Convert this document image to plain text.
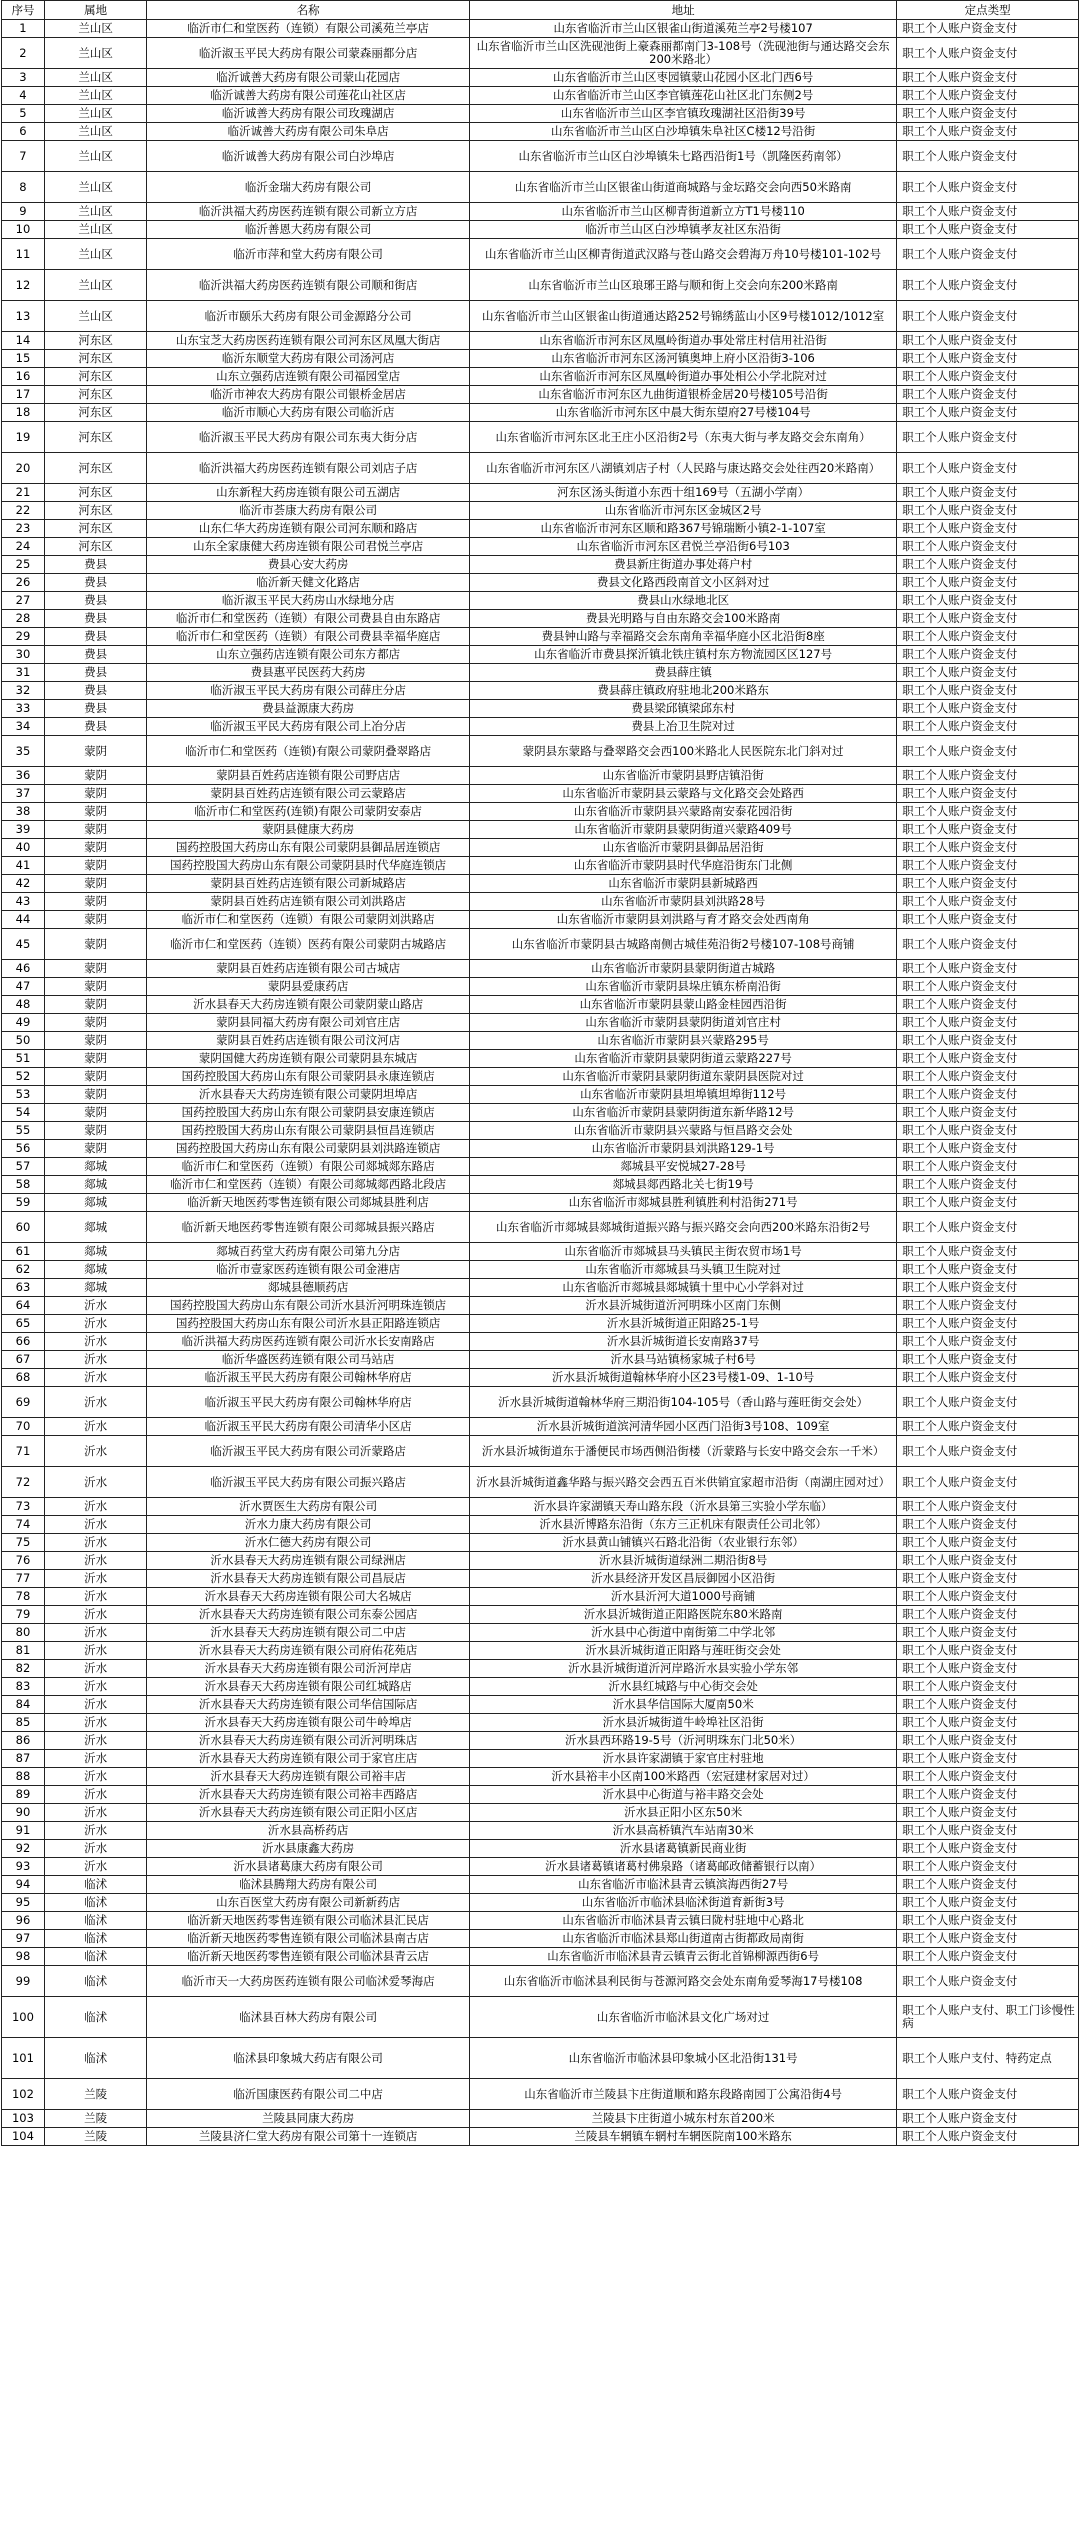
序号	属地	名称	地址	定点类型
1	兰山区	临沂市仁和堂医药（连锁）有限公司溪苑兰亭店	山东省临沂市兰山区银雀山街道溪苑兰亭2号楼107	职工个人账户资金支付
2	兰山区	临沂淑玉平民大药房有限公司蒙森丽都分店	山东省临沂市兰山区洗砚池街上豪森丽都南门3-108号（洗砚池街与通达路交会东200米路北）	职工个人账户资金支付
3	兰山区	临沂诚善大药房有限公司蒙山花园店	山东省临沂市兰山区枣园镇蒙山花园小区北门西6号	职工个人账户资金支付
4	兰山区	临沂诚善大药房有限公司莲花山社区店	山东省临沂市兰山区李官镇莲花山社区北门东侧2号	职工个人账户资金支付
5	兰山区	临沂诚善大药房有限公司玫瑰湖店	山东省临沂市兰山区李官镇玫瑰湖社区沿街39号	职工个人账户资金支付
6	兰山区	临沂诚善大药房有限公司朱阜店	山东省临沂市兰山区白沙埠镇朱阜社区C楼12号沿街	职工个人账户资金支付
7	兰山区	临沂诚善大药房有限公司白沙埠店	山东省临沂市兰山区白沙埠镇朱七路西沿街1号（凯隆医药南邻）	职工个人账户资金支付
8	兰山区	临沂金瑞大药房有限公司	山东省临沂市兰山区银雀山街道商城路与金坛路交会向西50米路南	职工个人账户资金支付
9	兰山区	临沂洪福大药房医药连锁有限公司新立方店	山东省临沂市兰山区柳青街道新立方T1号楼110	职工个人账户资金支付
10	兰山区	临沂善恩大药房有限公司	临沂市兰山区白沙埠镇孝友社区东沿街	职工个人账户资金支付
11	兰山区	临沂市萍和堂大药房有限公司	山东省临沂市兰山区柳青街道武汉路与苍山路交会碧海万舟10号楼101-102号	职工个人账户资金支付
12	兰山区	临沂洪福大药房医药连锁有限公司顺和街店	山东省临沂市兰山区琅琊王路与顺和街上交会向东200米路南	职工个人账户资金支付
13	兰山区	临沂市颐乐大药房有限公司金源路分公司	山东省临沂市兰山区银雀山街道通达路252号锦绣蓝山小区9号楼1012/1012室	职工个人账户资金支付
14	河东区	山东宝芝大药房医药连锁有限公司河东区凤凰大街店	山东省临沂市河东区凤凰岭街道办事处常庄村信用社沿街	职工个人账户资金支付
15	河东区	临沂东顺堂大药房有限公司汤河店	山东省临沂市河东区汤河镇奥坤上府小区沿街3-106	职工个人账户资金支付
16	河东区	山东立强药店连锁有限公司福园堂店	山东省临沂市河东区凤凰岭街道办事处相公小学北院对过	职工个人账户资金支付
17	河东区	临沂市神农大药房有限公司银桥金居店	山东省临沂市河东区九曲街道银桥金居20号楼105号沿街	职工个人账户资金支付
18	河东区	临沂市顺心大药房有限公司临沂店	山东省临沂市河东区中晨大街东望府27号楼104号	职工个人账户资金支付
19	河东区	临沂淑玉平民大药房有限公司东夷大街分店	山东省临沂市河东区北王庄小区沿街2号（东夷大街与孝友路交会东南角）	职工个人账户资金支付
20	河东区	临沂洪福大药房医药连锁有限公司刘店子店	山东省临沂市河东区八湖镇刘店子村（人民路与康达路交会处往西20米路南）	职工个人账户资金支付
21	河东区	山东新程大药房连锁有限公司五湖店	河东区汤头街道小东西十组169号（五湖小学南）	职工个人账户资金支付
22	河东区	临沂市荟康大药房有限公司	山东省临沂市河东区金城区2号	职工个人账户资金支付
23	河东区	山东仁华大药房连锁有限公司河东顺和路店	山东省临沂市河东区顺和路367号锦瑞断小镇2-1-107室	职工个人账户资金支付
24	河东区	山东全家康健大药房连锁有限公司君悦兰亭店	山东省临沂市河东区君悦兰亭沿街6号103	职工个人账户资金支付
25	费县	费县心安大药房	费县新庄街道办事处蒋户村	职工个人账户资金支付
26	费县	临沂新天健文化路店	费县文化路西段南首文小区斜对过	职工个人账户资金支付
27	费县	临沂淑玉平民大药房山水绿地分店	费县山水绿地北区	职工个人账户资金支付
28	费县	临沂市仁和堂医药（连锁）有限公司费县自由东路店	费县光明路与自由东路交会100米路南	职工个人账户资金支付
29	费县	临沂市仁和堂医药（连锁）有限公司费县幸福华庭店	费县钟山路与幸福路交会东南角幸福华庭小区北沿街8座	职工个人账户资金支付
30	费县	山东立强药店连锁有限公司东方都店	山东省临沂市费县探沂镇北铁庄镇村东方物流园区区127号	职工个人账户资金支付
31	费县	费县惠平民医药大药房	费县薛庄镇	职工个人账户资金支付
32	费县	临沂淑玉平民大药房有限公司薛庄分店	费县薛庄镇政府驻地北200米路东	职工个人账户资金支付
33	费县	费县益源康大药房	费县梁邱镇梁邱东村	职工个人账户资金支付
34	费县	临沂淑玉平民大药房有限公司上冶分店	费县上冶卫生院对过	职工个人账户资金支付
35	蒙阴	临沂市仁和堂医药（连锁)有限公司蒙阴叠翠路店	蒙阴县东蒙路与叠翠路交会西100米路北人民医院东北门斜对过	职工个人账户资金支付
36	蒙阴	蒙阴县百姓药店连锁有限公司野店店	山东省临沂市蒙阴县野店镇沿街	职工个人账户资金支付
37	蒙阴	蒙阴县百姓药店连锁有限公司云蒙路店	山东省临沂市蒙阴县云蒙路与文化路交会处路西	职工个人账户资金支付
38	蒙阴	临沂市仁和堂医药(连锁)有限公司蒙阴安泰店	山东省临沂市蒙阴县兴蒙路南安泰花园沿街	职工个人账户资金支付
39	蒙阴	蒙阴县健康大药房	山东省临沂市蒙阴县蒙阴街道兴蒙路409号	职工个人账户资金支付
40	蒙阴	国药控股国大药房山东有限公司蒙阴县御品居连锁店	山东省临沂市蒙阴县御品居沿街	职工个人账户资金支付
41	蒙阴	国药控股国大药房山东有限公司蒙阴县时代华庭连锁店	山东省临沂市蒙阴县时代华庭沿街东门北侧	职工个人账户资金支付
42	蒙阴	蒙阴县百姓药店连锁有限公司新城路店	山东省临沂市蒙阴县新城路西	职工个人账户资金支付
43	蒙阴	蒙阴县百姓药店连锁有限公司刘洪路店	山东省临沂市蒙阴县刘洪路28号	职工个人账户资金支付
44	蒙阴	临沂市仁和堂医药（连锁）有限公司蒙阴刘洪路店	山东省临沂市蒙阴县刘洪路与育才路交会处西南角	职工个人账户资金支付
45	蒙阴	临沂市仁和堂医药（连锁）医药有限公司蒙阴古城路店	山东省临沂市蒙阴县古城路南侧古城佳苑沿街2号楼107-108号商铺	职工个人账户资金支付
46	蒙阴	蒙阴县百姓药店连锁有限公司古城店	山东省临沂市蒙阴县蒙阴街道古城路	职工个人账户资金支付
47	蒙阴	蒙阴县爱康药店	山东省临沂市蒙阴县垛庄镇东桥南沿街	职工个人账户资金支付
48	蒙阴	沂水县春天大药房连锁有限公司蒙阴蒙山路店	山东省临沂市蒙阴县蒙山路金桂园西沿街	职工个人账户资金支付
49	蒙阴	蒙阴县同福大药房有限公司刘官庄店	山东省临沂市蒙阴县蒙阴街道刘官庄村	职工个人账户资金支付
50	蒙阴	蒙阴县百姓药店连锁有限公司汶河店	山东省临沂市蒙阴县兴蒙路295号	职工个人账户资金支付
51	蒙阴	蒙阴国健大药房连锁有限公司蒙阴县东城店	山东省临沂市蒙阴县蒙阴街道云蒙路227号	职工个人账户资金支付
52	蒙阴	国药控股国大药房山东有限公司蒙阴县永康连锁店	山东省临沂市蒙阴县蒙阴街道东蒙阴县医院对过	职工个人账户资金支付
53	蒙阴	沂水县春天大药房连锁有限公司蒙阴坦埠店	山东省临沂市蒙阴县坦埠镇坦埠街112号	职工个人账户资金支付
54	蒙阴	国药控股国大药房山东有限公司蒙阴县安康连锁店	山东省临沂市蒙阴县蒙阴街道东新华路12号	职工个人账户资金支付
55	蒙阴	国药控股国大药房山东有限公司蒙阴县恒昌连锁店	山东省临沂市蒙阴县兴蒙路与恒昌路交会处	职工个人账户资金支付
56	蒙阴	国药控股国大药房山东有限公司蒙阴县刘洪路连锁店	山东省临沂市蒙阴县刘洪路129-1号	职工个人账户资金支付
57	郯城	临沂市仁和堂医药（连锁）有限公司郯城郯东路店	郯城县平安悦城27-28号	职工个人账户资金支付
58	郯城	临沂市仁和堂医药（连锁）有限公司郯城郯西路北段店	郯城县郯西路北关七街19号	职工个人账户资金支付
59	郯城	临沂新天地医药零售连锁有限公司郯城县胜利店	山东省临沂市郯城县胜利镇胜利村沿街271号	职工个人账户资金支付
60	郯城	临沂新天地医药零售连锁有限公司郯城县振兴路店	山东省临沂市郯城县郯城街道振兴路与振兴路交会向西200米路东沿街2号	职工个人账户资金支付
61	郯城	郯城百药堂大药房有限公司第九分店	山东省临沂市郯城县马头镇民主街农贸市场1号	职工个人账户资金支付
62	郯城	临沂市壹家医药连锁有限公司金港店	山东省临沂市郯城县马头镇卫生院对过	职工个人账户资金支付
63	郯城	郯城县德顺药店	山东省临沂市郯城县郯城镇十里中心小学斜对过	职工个人账户资金支付
64	沂水	国药控股国大药房山东有限公司沂水县沂河明珠连锁店	沂水县沂城街道沂河明珠小区南门东侧	职工个人账户资金支付
65	沂水	国药控股国大药房山东有限公司沂水县正阳路连锁店	沂水县沂城街道正阳路25-1号	职工个人账户资金支付
66	沂水	临沂洪福大药房医药连锁有限公司沂水长安南路店	沂水县沂城街道长安南路37号	职工个人账户资金支付
67	沂水	临沂华盛医药连锁有限公司马站店	沂水县马站镇杨家城子村6号	职工个人账户资金支付
68	沂水	临沂淑玉平民大药房有限公司翰林华府店	沂水县沂城街道翰林华府小区23号楼1-09、1-10号	职工个人账户资金支付
69	沂水	临沂淑玉平民大药房有限公司翰林华府店	沂水县沂城街道翰林华府三期沿街104-105号（香山路与莲旺街交会处）	职工个人账户资金支付
70	沂水	临沂淑玉平民大药房有限公司清华小区店	沂水县沂城街道滨河清华园小区西门沿街3号108、109室	职工个人账户资金支付
71	沂水	临沂淑玉平民大药房有限公司沂蒙路店	沂水县沂城街道东于潘便民市场西侧沿街楼（沂蒙路与长安中路交会东一千米）	职工个人账户资金支付
72	沂水	临沂淑玉平民大药房有限公司振兴路店	沂水县沂城街道鑫华路与振兴路交会西五百米供销宜家超市沿街（南湖庄园对过）	职工个人账户资金支付
73	沂水	沂水贾医生大药房有限公司	沂水县许家湖镇天寿山路东段（沂水县第三实验小学东临）	职工个人账户资金支付
74	沂水	沂水力康大药房有限公司	沂水县沂博路东沿街（东方三正机床有限责任公司北邻）	职工个人账户资金支付
75	沂水	沂水仁德大药房有限公司	沂水县黄山铺镇兴石路北沿街（农业银行东邻）	职工个人账户资金支付
76	沂水	沂水县春天大药房连锁有限公司绿洲店	沂水县沂城街道绿洲二期沿街8号	职工个人账户资金支付
77	沂水	沂水县春天大药房连锁有限公司昌辰店	沂水县经济开发区昌辰御园小区沿街	职工个人账户资金支付
78	沂水	沂水县春天大药房连锁有限公司大名城店	沂水县沂河大道1000号商铺	职工个人账户资金支付
79	沂水	沂水县春天大药房连锁有限公司东泰公园店	沂水县沂城街道正阳路医院东80米路南	职工个人账户资金支付
80	沂水	沂水县春天大药房连锁有限公司二中店	沂水县中心街道中南街第二中学北邻	职工个人账户资金支付
81	沂水	沂水县春天大药房连锁有限公司府佑花苑店	沂水县沂城街道正阳路与莲旺街交会处	职工个人账户资金支付
82	沂水	沂水县春天大药房连锁有限公司沂河岸店	沂水县沂城街道沂河岸路沂水县实验小学东邻	职工个人账户资金支付
83	沂水	沂水县春天大药房连锁有限公司红城路店	沂水县红城路与中心街交会处	职工个人账户资金支付
84	沂水	沂水县春天大药房连锁有限公司华信国际店	沂水县华信国际大厦南50米	职工个人账户资金支付
85	沂水	沂水县春天大药房连锁有限公司牛岭埠店	沂水县沂城街道牛岭埠社区沿街	职工个人账户资金支付
86	沂水	沂水县春天大药房连锁有限公司沂河明珠店	沂水县西环路19-5号（沂河明珠东门北50米）	职工个人账户资金支付
87	沂水	沂水县春天大药房连锁有限公司于家官庄店	沂水县许家湖镇于家官庄村驻地	职工个人账户资金支付
88	沂水	沂水县春天大药房连锁有限公司裕丰店	沂水县裕丰小区南100米路西（宏冠建材家居对过）	职工个人账户资金支付
89	沂水	沂水县春天大药房连锁有限公司裕丰西路店	沂水县中心街道与裕丰路交会处	职工个人账户资金支付
90	沂水	沂水县春天大药房连锁有限公司正阳小区店	沂水县正阳小区东50米	职工个人账户资金支付
91	沂水	沂水县高桥药店	沂水县高桥镇汽车站南30米	职工个人账户资金支付
92	沂水	沂水县康鑫大药房	沂水县诸葛镇新民商业街	职工个人账户资金支付
93	沂水	沂水县诸葛康大药房有限公司	沂水县诸葛镇诸葛村佛泉路（诸葛邮政储蓄银行以南）	职工个人账户资金支付
94	临沭	临沭县腾翔大药房有限公司	山东省临沂市临沭县青云镇滨海西街27号	职工个人账户资金支付
95	临沭	山东百医堂大药房有限公司新新药店	山东省临沂市临沭县临沭街道育新街3号	职工个人账户资金支付
96	临沭	临沂新天地医药零售连锁有限公司临沭县汇民店	山东省临沂市临沭县青云镇曰陇村驻地中心路北	职工个人账户资金支付
97	临沭	临沂新天地医药零售连锁有限公司临沭县南古店	山东省临沂市临沭县郑山街道南古街都政局南街	职工个人账户资金支付
98	临沭	临沂新天地医药零售连锁有限公司临沭县青云店	山东省临沂市临沭县青云镇青云街北首锦柳源西街6号	职工个人账户资金支付
99	临沭	临沂市天一大药房医药连锁有限公司临沭爱琴海店	山东省临沂市临沭县利民街与苍源河路交会处东南角爱琴海17号楼108	职工个人账户资金支付
100	临沭	临沭县百林大药房有限公司	山东省临沂市临沭县文化广场对过	职工个人账户支付、职工门诊慢性病
101	临沭	临沭县印象城大药店有限公司	山东省临沂市临沭县印象城小区北沿街131号	职工个人账户支付、特药定点
102	兰陵	临沂国康医药有限公司二中店	山东省临沂市兰陵县卞庄街道顺和路东段路南园丁公寓沿街4号	职工个人账户资金支付
103	兰陵	兰陵县同康大药房	兰陵县卞庄街道小城东村东首200米	职工个人账户资金支付
104	兰陵	兰陵县济仁堂大药房有限公司第十一连锁店	兰陵县车辋镇车辋村车辋医院南100米路东	职工个人账户资金支付
